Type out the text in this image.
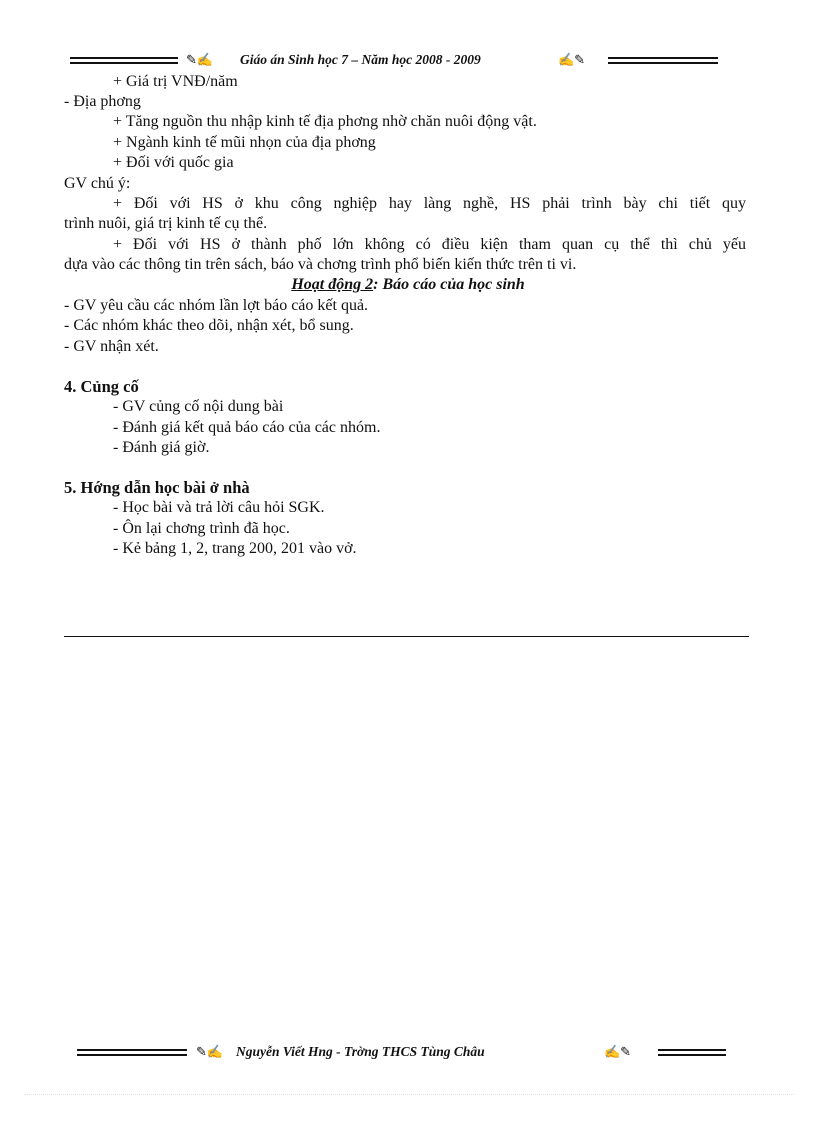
✎✍ Giáo án Sinh học 7 – Năm học 2008 - 2009	✍✎
+ Giá trị VNĐ/năm
- Địa phơng
+ Tăng nguồn thu nhập kinh tế địa phơng nhờ chăn nuôi động vật.
+ Ngành kinh tế mũi nhọn của địa phơng
+ Đối với quốc gia
GV chú ý:
+ Đối với HS ở khu công nghiệp hay làng nghề, HS phải trình bày chi tiết quy
trình nuôi, giá trị kinh tế cụ thể.
+ Đối với HS ở thành phố lớn không có điều kiện tham quan cụ thể thì chủ yếu
dựa vào các thông tin trên sách, báo và chơng trình phổ biến kiến thức trên ti vi.
Hoạt động 2: Báo cáo của học sinh
- GV yêu cầu các nhóm lần lợt báo cáo kết quả.
- Các nhóm khác theo dõi, nhận xét, bổ sung.
- GV nhận xét.
4. Củng cố
- GV củng cố nội dung bài
- Đánh giá kết quả báo cáo của các nhóm.
- Đánh giá giờ.
5. Hớng dẫn học bài ở nhà
- Học bài và trả lời câu hỏi SGK.
- Ôn lại chơng trình đã học.
- Kẻ bảng 1, 2, trang 200, 201 vào vở.
✎✍ Nguyễn Viết Hng - Trờng THCS Tùng Châu	✍✎
